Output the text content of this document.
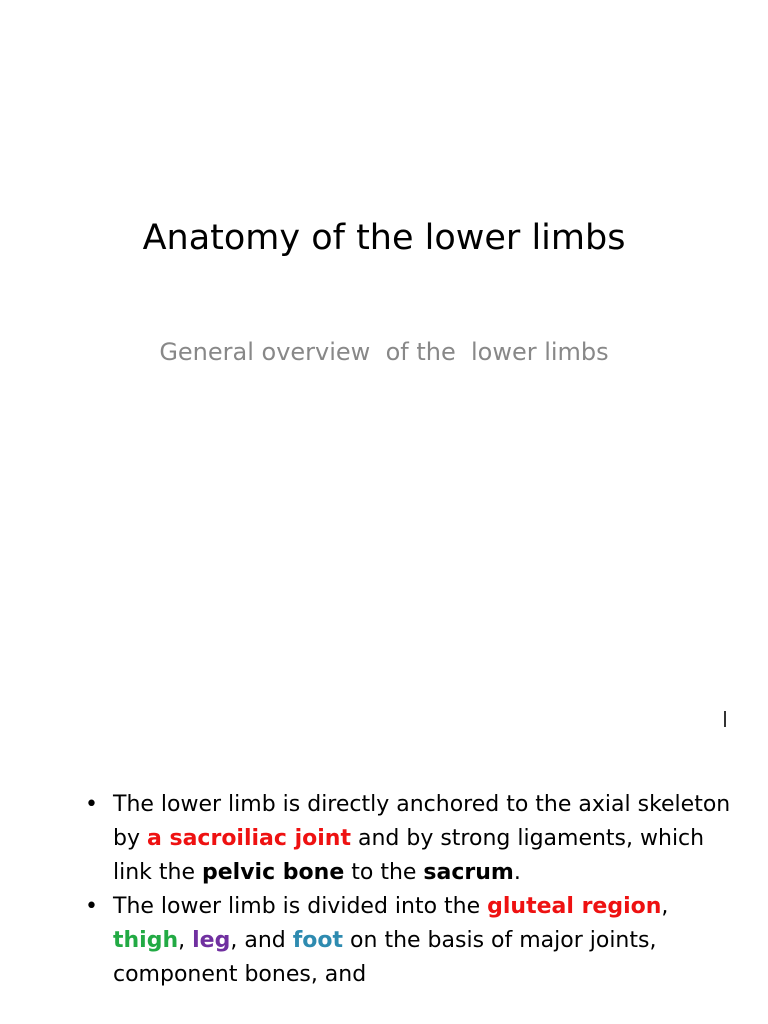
Anatomy of the lower limbs
General overview  of the  lower limbs
• The lower limb is directly anchored to the axial skeleton by a sacroiliac joint and by strong ligaments, which link the pelvic bone to the sacrum.
• The lower limb is divided into the gluteal region, thigh, leg, and foot on the basis of major joints, component bones, and
